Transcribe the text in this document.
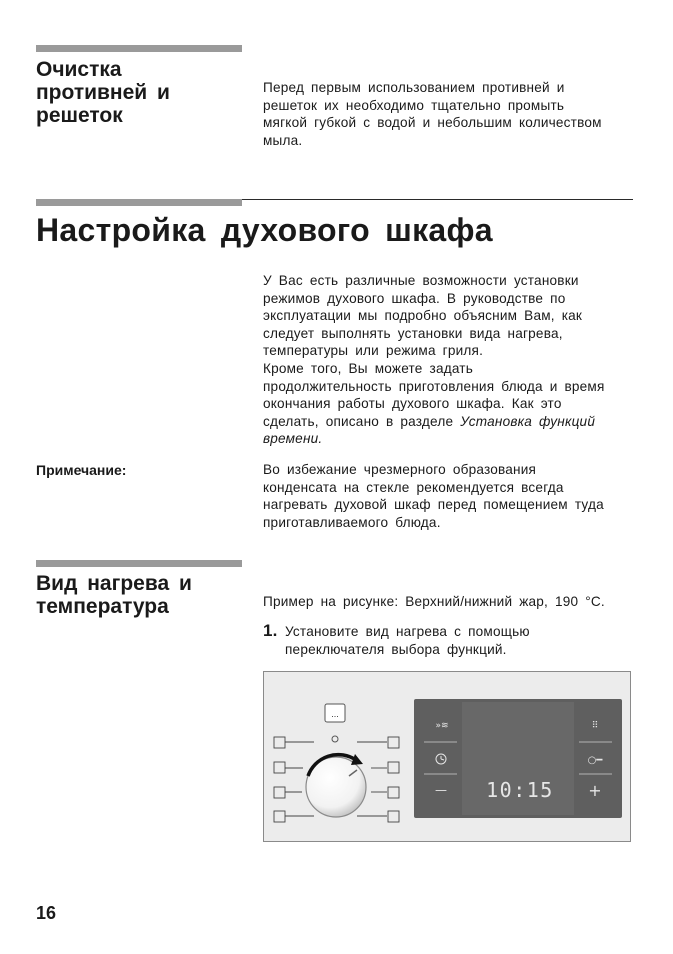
Очистка
противней и
решеток
Перед первым использованием противней и
решеток их необходимо тщательно промыть
мягкой губкой с водой и небольшим количеством
мыла.
Настройка духового шкафа
У Вас есть различные возможности установки
режимов духового шкафа. В руководстве по
эксплуатации мы подробно объясним Вам, как
следует выполнять установки вида нагрева,
температуры или режима гриля.
Кроме того, Вы можете задать
продолжительность приготовления блюда и время
окончания работы духового шкафа. Как это
сделать, описано в разделе Установка функций
времени.
Примечание:	Во избежание чрезмерного образования
конденсата на стекле рекомендуется всегда
нагревать духовой шкаф перед помещением туда
приготавливаемого блюда.
Вид нагрева и
температура	Пример на рисунке: Верхний/нижний жар, 190 °C.
1. Установите вид нагрева с помощью
переключателя выбора функций.
...
»≋
— 10:15
⠿
○━
+
16
